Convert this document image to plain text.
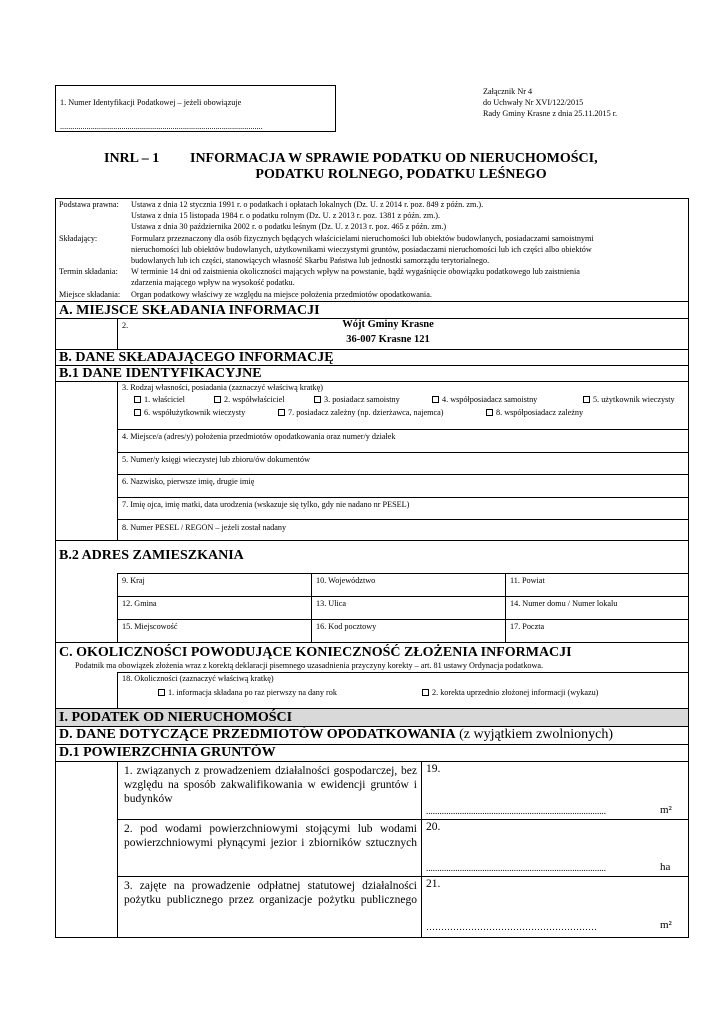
Załącznik Nr 4
do Uchwały Nr XVI/122/2015
Rady Gminy Krasne z dnia 25.11.2015 r.
1. Numer Identyfikacji Podatkowej – jeżeli obowiązuje
...................................................................................................
INRL – 1 INFORMACJA W SPRAWIE PODATKU OD NIERUCHOMOŚCI,
PODATKU ROLNEGO, PODATKU LEŚNEGO
Podstawa prawna: Ustawa z dnia 12 stycznia 1991 r. o podatkach i opłatach lokalnych (Dz. U. z 2014 r. poz. 849 z późn. zm.).
Ustawa z dnia 15 listopada 1984 r. o podatku rolnym (Dz. U. z 2013 r. poz. 1381 z późn. zm.).
Ustawa z dnia 30 października 2002 r. o podatku leśnym (Dz. U. z 2013 r. poz. 465 z późn. zm.)
Składający:	Formularz przeznaczony dla osób fizycznych będących właścicielami nieruchomości lub obiektów budowlanych, posiadaczami samoistnymi
nieruchomości lub obiektów budowlanych, użytkownikami wieczystymi gruntów, posiadaczami nieruchomości lub ich części albo obiektów
budowlanych lub ich części, stanowiących własność Skarbu Państwa lub jednostki samorządu terytorialnego.
Termin składania: W terminie 14 dni od zaistnienia okoliczności mających wpływ na powstanie, bądź wygaśnięcie obowiązku podatkowego lub zaistnienia
zdarzenia mającego wpływ na wysokość podatku.
Miejsce składania: Organ podatkowy właściwy ze względu na miejsce położenia przedmiotów opodatkowania.
A. MIEJSCE SKŁADANIA INFORMACJI
2.	Wójt Gminy Krasne
36-007 Krasne 121
B. DANE SKŁADAJĄCEGO INFORMACJĘ
B.1 DANE IDENTYFIKACYJNE
3. Rodzaj własności, posiadania (zaznaczyć właściwą kratkę)
1. właściciel	2. współwłaściciel	3. posiadacz samoistny	4. współposiadacz samoistny	5. użytkownik wieczysty
6. współużytkownik wieczysty	7. posiadacz zależny (np. dzierżawca, najemca)	8. współposiadacz zależny
4. Miejsce/a (adres/y) położenia przedmiotów opodatkowania oraz numer/y działek
5. Numer/y księgi wieczystej lub zbioru/ów dokumentów
6. Nazwisko, pierwsze imię, drugie imię
7. Imię ojca, imię matki, data urodzenia (wskazuje się tylko, gdy nie nadano nr PESEL)
8. Numer PESEL / REGON – jeżeli został nadany
B.2 ADRES ZAMIESZKANIA
9. Kraj	10. Województwo	11. Powiat
12. Gmina	13. Ulica	14. Numer domu / Numer lokalu
15. Miejscowość	16. Kod pocztowy	17. Poczta
C. OKOLICZNOŚCI POWODUJĄCE KONIECZNOŚĆ ZŁOŻENIA INFORMACJI
Podatnik ma obowiązek złożenia wraz z korektą deklaracji pisemnego uzasadnienia przyczyny korekty – art. 81 ustawy Ordynacja podatkowa.
18. Okoliczności (zaznaczyć właściwą kratkę)
1. informacja składana po raz pierwszy na dany rok	2. korekta uprzednio złożonej informacji (wykazu)
I. PODATEK OD NIERUCHOMOŚCI
D. DANE DOTYCZĄCE PRZEDMIOTÓW OPODATKOWANIA (z wyjątkiem zwolnionych)
D.1 POWIERZCHNIA GRUNTÓW
1. związanych z prowadzeniem działalności gospodarczej, bez względu na sposób zakwalifikowania w ewidencji gruntów i budynków
19.
................................................................................	m²
2. pod wodami powierzchniowymi stojącymi lub wodami powierzchniowymi płynącymi jezior i zbiorników sztucznych
20.
................................................................................	ha
3. zajęte na prowadzenie odpłatnej statutowej działalności pożytku publicznego przez organizacje pożytku publicznego
21.
…………………………………………………	m²
